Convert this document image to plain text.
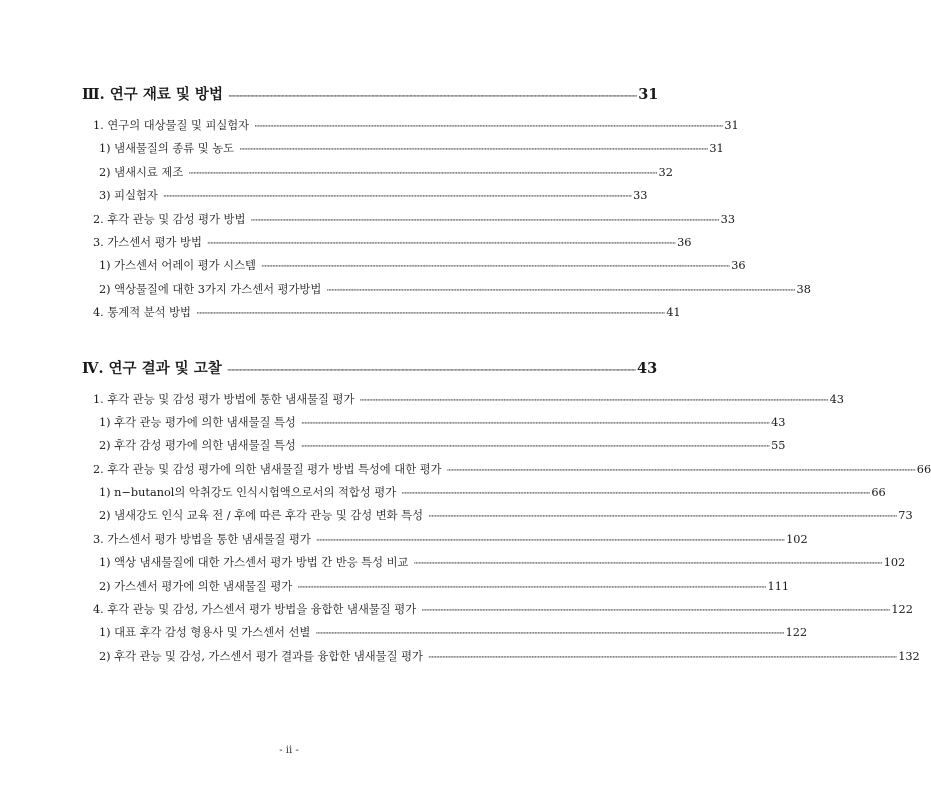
Ⅲ. 연구 재료 및 방법 ············································································································································································································································································································ 31
1. 연구의 대상물질 및 피실험자 ············································································································································································································································································································ 31
1) 냄새물질의 종류 및 농도 ············································································································································································································································································································ 31
2) 냄새시료 제조 ············································································································································································································································································································ 32
3) 피실험자 ············································································································································································································································································································ 33
2. 후각 관능 및 감성 평가 방법 ············································································································································································································································································································ 33
3. 가스센서 평가 방법 ············································································································································································································································································································ 36
1) 가스센서 어레이 평가 시스템 ············································································································································································································································································································ 36
2) 액상물질에 대한 3가지 가스센서 평가방법 ············································································································································································································································································································ 38
4. 통계적 분석 방법 ············································································································································································································································································································ 41
Ⅳ. 연구 결과 및 고찰 ············································································································································································································································································································ 43
1. 후각 관능 및 감성 평가 방법에 통한 냄새물질 평가 ············································································································································································································································································································ 43
1) 후각 관능 평가에 의한 냄새물질 특성 ············································································································································································································································································································ 43
2) 후각 감성 평가에 의한 냄새물질 특성 ············································································································································································································································································································ 55
2. 후각 관능 및 감성 평가에 의한 냄새물질 평가 방법 특성에 대한 평가 ············································································································································································································································································································ 66
1) n−butanol의 악취강도 인식시험액으로서의 적합성 평가 ············································································································································································································································································································ 66
2) 냄새강도 인식 교육 전 / 후에 따른 후각 관능 및 감성 변화 특성 ············································································································································································································································································································ 73
3. 가스센서 평가 방법을 통한 냄새물질 평가 ············································································································································································································································································································ 102
1) 액상 냄새물질에 대한 가스센서 평가 방법 간 반응 특성 비교 ············································································································································································································································································································ 102
2) 가스센서 평가에 의한 냄새물질 평가 ············································································································································································································································································································ 111
4. 후각 관능 및 감성, 가스센서 평가 방법을 융합한 냄새물질 평가 ············································································································································································································································································································ 122
1) 대표 후각 감성 형용사 및 가스센서 선별 ············································································································································································································································································································ 122
2) 후각 관능 및 감성, 가스센서 평가 결과를 융합한 냄새물질 평가 ············································································································································································································································································································ 132
- ii -
